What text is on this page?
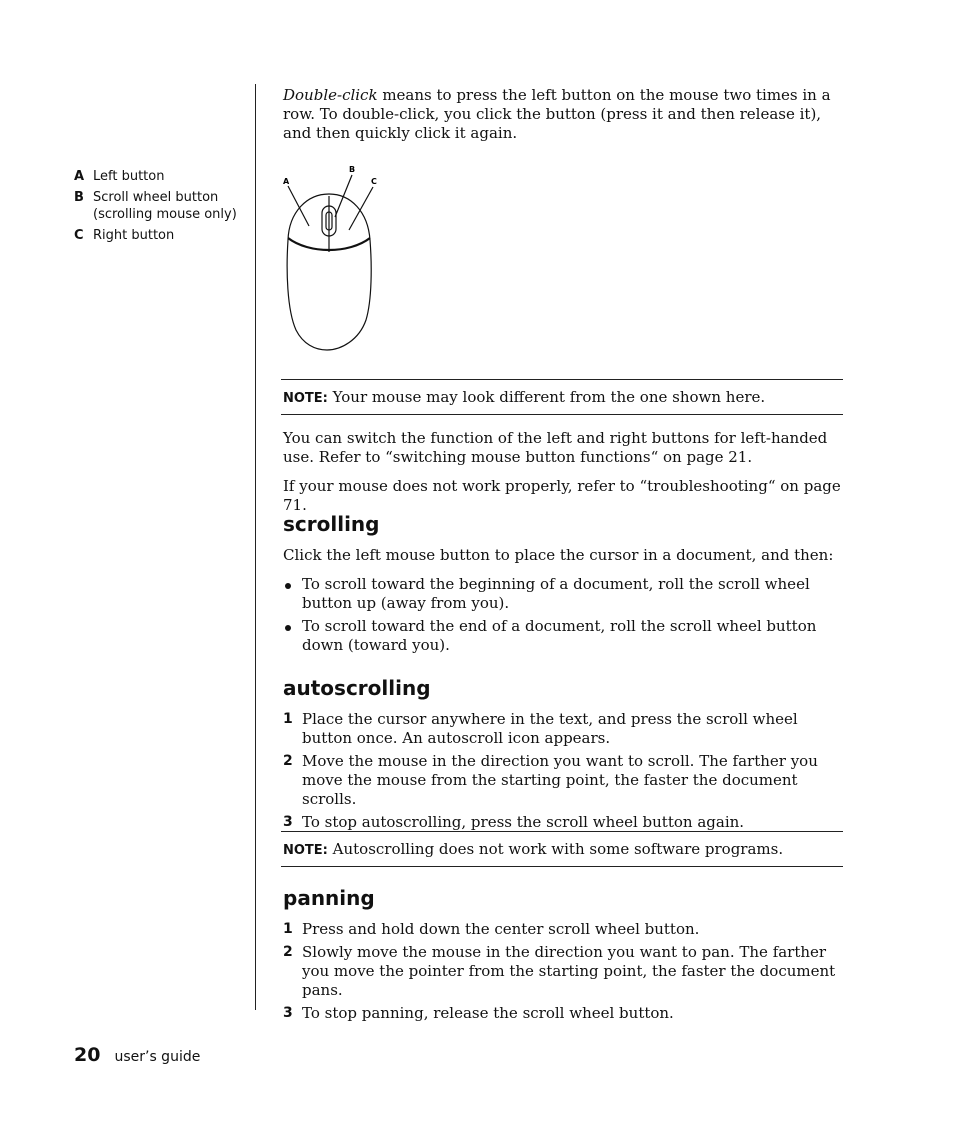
Double-click means to press the left button on the mouse two times in a row. To double-click, you click the button (press it and then release it), and then quickly click it again.

A Left button
B Scroll wheel button (scrolling mouse only)
C Right button
A
B
C
NOTE: Your mouse may look different from the one shown here.

You can switch the function of the left and right buttons for left-handed use. Refer to “switching mouse button functions“ on page 21.

If your mouse does not work properly, refer to “troubleshooting“ on page 71.

scrolling

Click the left mouse button to place the cursor in a document, and then:

To scroll toward the beginning of a document, roll the scroll wheel button up (away from you).
To scroll toward the end of a document, roll the scroll wheel button down (toward you).
autoscrolling
1 Place the cursor anywhere in the text, and press the scroll wheel button once. An autoscroll icon appears.
2 Move the mouse in the direction you want to scroll. The farther you move the mouse from the starting point, the faster the document scrolls.
3 To stop autoscrolling, press the scroll wheel button again.
NOTE: Autoscrolling does not work with some software programs.
panning
1 Press and hold down the center scroll wheel button.
2 Slowly move the mouse in the direction you want to pan. The farther you move the pointer from the starting point, the faster the document pans.
3 To stop panning, release the scroll wheel button.
20 user’s guide
